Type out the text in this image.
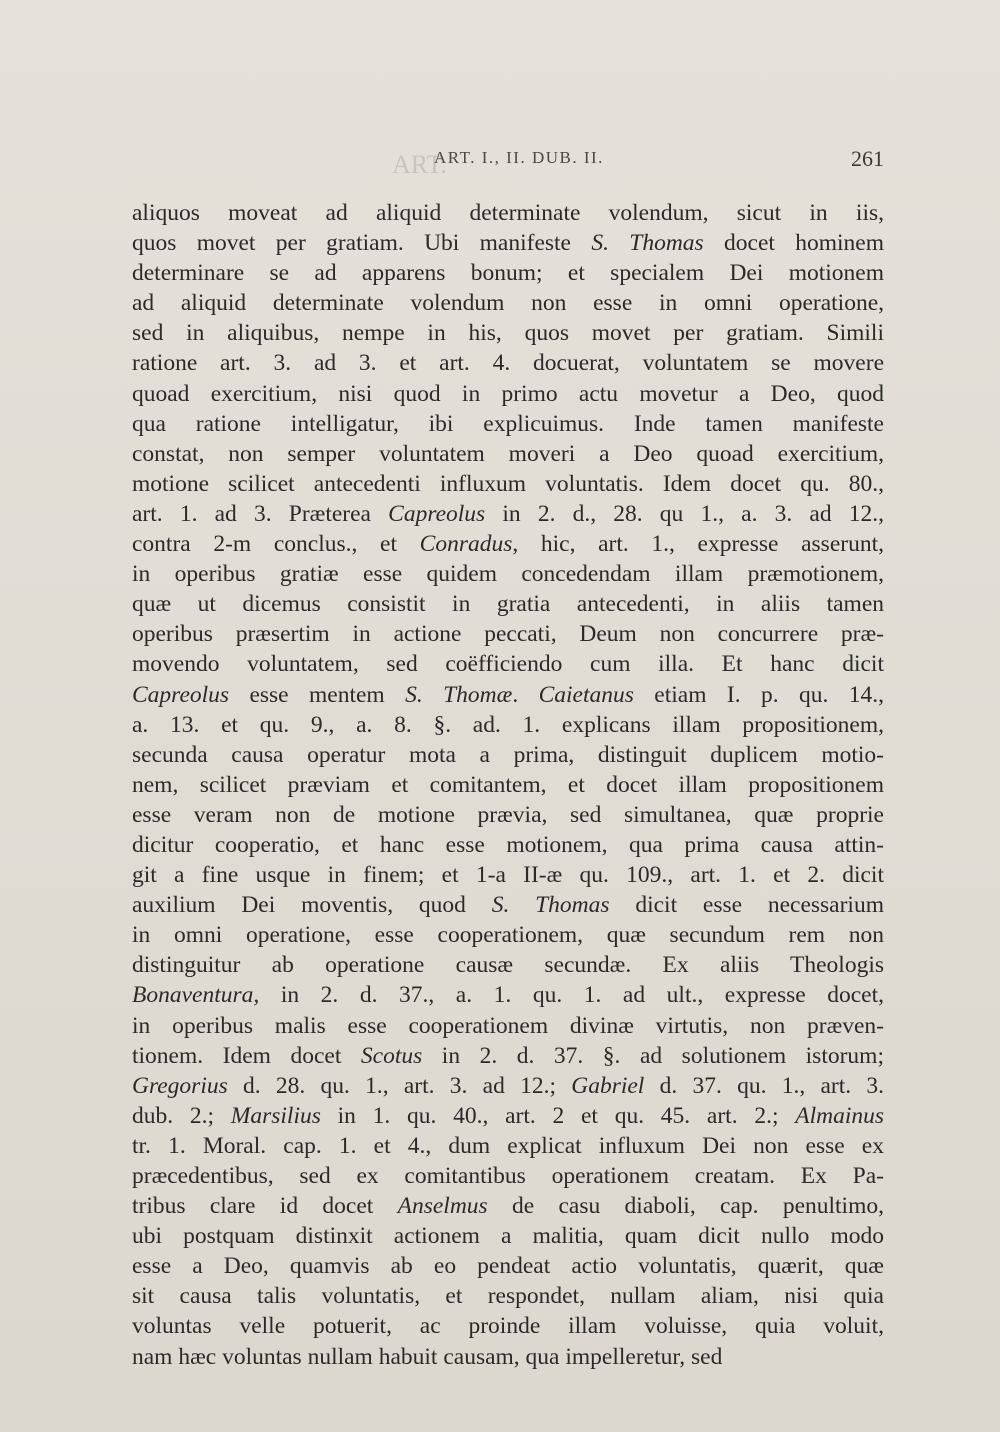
ART.
ART. I., II. DUB. II.	261
aliquos moveat ad aliquid determinate volendum, sicut in iis,
quos movet per gratiam. Ubi manifeste S. Thomas docet hominem
determinare se ad apparens bonum; et specialem Dei motionem
ad aliquid determinate volendum non esse in omni operatione,
sed in aliquibus, nempe in his, quos movet per gratiam. Simili
ratione art. 3. ad 3. et art. 4. docuerat, voluntatem se movere
quoad exercitium, nisi quod in primo actu movetur a Deo, quod
qua ratione intelligatur, ibi explicuimus. Inde tamen manifeste
constat, non semper voluntatem moveri a Deo quoad exercitium,
motione scilicet antecedenti influxum voluntatis. Idem docet qu. 80.,
art. 1. ad 3. Præterea Capreolus in 2. d., 28. qu 1., a. 3. ad 12.,
contra 2-m conclus., et Conradus, hic, art. 1., expresse asserunt,
in operibus gratiæ esse quidem concedendam illam præmotionem,
quæ ut dicemus consistit in gratia antecedenti, in aliis tamen
operibus præsertim in actione peccati, Deum non concurrere præ-
movendo voluntatem, sed coëfficiendo cum illa. Et hanc dicit
Capreolus esse mentem S. Thomæ. Caietanus etiam I. p. qu. 14.,
a. 13. et qu. 9., a. 8. §. ad. 1. explicans illam propositionem,
secunda causa operatur mota a prima, distinguit duplicem motio-
nem, scilicet præviam et comitantem, et docet illam propositionem
esse veram non de motione prævia, sed simultanea, quæ proprie
dicitur cooperatio, et hanc esse motionem, qua prima causa attin-
git a fine usque in finem; et 1-a II-æ qu. 109., art. 1. et 2. dicit
auxilium Dei moventis, quod S. Thomas dicit esse necessarium
in omni operatione, esse cooperationem, quæ secundum rem non
distinguitur ab operatione causæ secundæ. Ex aliis Theologis
Bonaventura, in 2. d. 37., a. 1. qu. 1. ad ult., expresse docet,
in operibus malis esse cooperationem divinæ virtutis, non præven-
tionem. Idem docet Scotus in 2. d. 37. §. ad solutionem istorum;
Gregorius d. 28. qu. 1., art. 3. ad 12.; Gabriel d. 37. qu. 1., art. 3.
dub. 2.; Marsilius in 1. qu. 40., art. 2 et qu. 45. art. 2.; Almainus
tr. 1. Moral. cap. 1. et 4., dum explicat influxum Dei non esse ex
præcedentibus, sed ex comitantibus operationem creatam. Ex Pa-
tribus clare id docet Anselmus de casu diaboli, cap. penultimo,
ubi postquam distinxit actionem a malitia, quam dicit nullo modo
esse a Deo, quamvis ab eo pendeat actio voluntatis, quærit, quæ
sit causa talis voluntatis, et respondet, nullam aliam, nisi quia
voluntas velle potuerit, ac proinde illam voluisse, quia voluit,
nam hæc voluntas nullam habuit causam, qua impelleretur, sed
